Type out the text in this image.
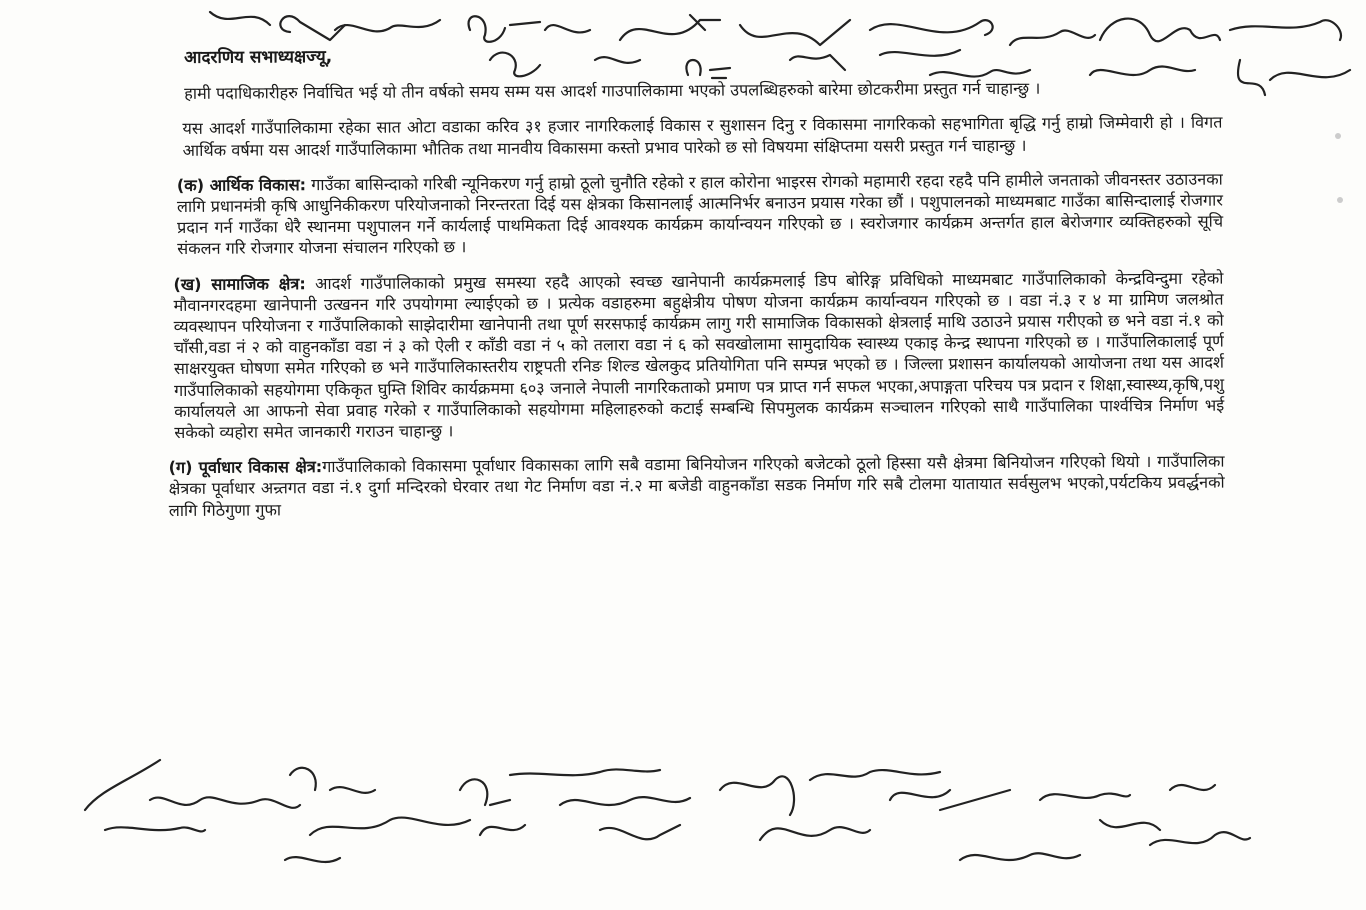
आदरणिय सभाध्यक्षज्यू,

हामी पदाधिकारीहरु निर्वाचित भई यो तीन वर्षको समय सम्म यस आदर्श गाउपालिकामा भएको उपलब्धिहरुको बारेमा छोटकरीमा प्रस्तुत गर्न चाहान्छु ।

यस आदर्श गाउँपालिकामा रहेका सात ओटा वडाका करिव ३१ हजार नागरिकलाई विकास र सुशासन दिनु र विकासमा नागरिकको सहभागिता बृद्धि गर्नु हाम्रो जिम्मेवारी हो । विगत आर्थिक वर्षमा यस आदर्श गाउँपालिकामा भौतिक तथा मानवीय विकासमा कस्तो प्रभाव पारेको छ सो विषयमा संक्षिप्तमा यसरी प्रस्तुत गर्न चाहान्छु ।

(क) आर्थिक विकास: गाउँका बासिन्दाको गरिबी न्यूनिकरण गर्नु हाम्रो ठूलो चुनौति रहेको र हाल कोरोना भाइरस रोगको महामारी रहदा रहदै पनि हामीले जनताको जीवनस्तर उठाउनका लागि प्रधानमंत्री कृषि आधुनिकीकरण परियोजनाको निरन्तरता दिई यस क्षेत्रका किसानलाई आत्मनिर्भर बनाउन प्रयास गरेका छौं । पशुपालनको माध्यमबाट गाउँका बासिन्दालाई रोजगार प्रदान गर्न गाउँका धेरै स्थानमा पशुपालन गर्ने कार्यलाई पाथमिकता दिई आवश्यक कार्यक्रम कार्यान्वयन गरिएको छ । स्वरोजगार कार्यक्रम अन्तर्गत हाल बेरोजगार व्यक्तिहरुको सूचि संकलन गरि रोजगार योजना संचालन गरिएको छ ।

(ख) सामाजिक क्षेत्र: आदर्श गाउँपालिकाको प्रमुख समस्या रहदै आएको स्वच्छ खानेपानी कार्यक्रमलाई डिप बोरिङ्ग प्रविधिको माध्यमबाट गाउँपालिकाको केन्द्रविन्दुमा रहेको मौवानगरदहमा खानेपानी उत्खनन गरि उपयोगमा ल्याईएको छ । प्रत्येक वडाहरुमा बहुक्षेत्रीय पोषण योजना कार्यक्रम कार्यान्वयन गरिएको छ । वडा नं.३ र ४ मा ग्रामिण जलश्रोत व्यवस्थापन परियोजना र गाउँपालिकाको साझेदारीमा खानेपानी तथा पूर्ण सरसफाई कार्यक्रम लागु गरी सामाजिक विकासको क्षेत्रलाई माथि उठाउने प्रयास गरीएको छ भने वडा नं.१ को चाँसी,वडा नं २ को वाहुनकाँडा वडा नं ३ को ऐली र काँडी वडा नं ५ को तलारा वडा नं ६ को सवखोलामा सामुदायिक स्वास्थ्य एकाइ केन्द्र स्थापना गरिएको छ । गाउँपालिकालाई पूर्ण साक्षरयुक्त घोषणा समेत गरिएको छ भने गाउँपालिकास्तरीय राष्ट्रपती रनिङ शिल्ड खेलकुद प्रतियोगिता पनि सम्पन्न भएको छ । जिल्ला प्रशासन कार्यालयको आयोजना तथा यस आदर्श गाउँपालिकाको सहयोगमा एकिकृत घुम्ति शिविर कार्यक्रममा ६०३ जनाले नेपाली नागरिकताको प्रमाण पत्र प्राप्त गर्न सफल भएका,अपाङ्गता परिचय पत्र प्रदान र शिक्षा,स्वास्थ्य,कृषि,पशु कार्यालयले आ आफनो सेवा प्रवाह गरेको र गाउँपालिकाको सहयोगमा महिलाहरुको कटाई सम्बन्धि सिपमुलक कार्यक्रम सञ्चालन गरिएको साथै गाउँपालिका पार्श्वचित्र निर्माण भई सकेको व्यहोरा समेत जानकारी गराउन चाहान्छु ।

(ग) पूर्वाधार विकास क्षेत्र:गाउँपालिकाको विकासमा पूर्वाधार विकासका लागि सबै वडामा बिनियोजन गरिएको बजेटको ठूलो हिस्सा यसै क्षेत्रमा बिनियोजन गरिएको थियो । गाउँपालिका क्षेत्रका पूर्वाधार अन्र्तगत वडा नं.१ दुर्गा मन्दिरको घेरवार तथा गेट निर्माण वडा नं.२ मा बजेडी वाहुनकाँडा सडक निर्माण गरि सबै टोलमा यातायात सर्वसुलभ भएको,पर्यटकिय प्रवर्द्धनको लागि गिठेगुणा गुफा
